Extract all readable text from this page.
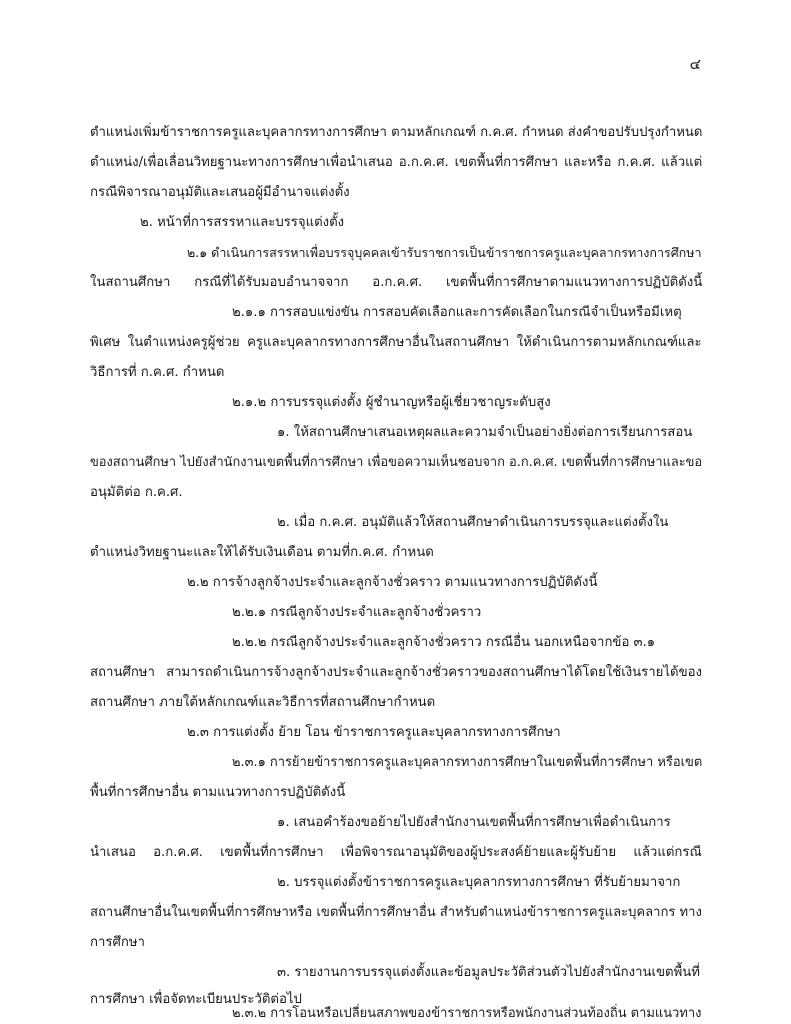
๔
ตำแหน่งเพิ่มข้าราชการครูและบุคลากรทางการศึกษา ตามหลักเกณฑ์ ก.ค.ศ. กำหนด ส่งคำขอปรับปรุงกำหนด
ตำแหน่ง/เพื่อเลื่อนวิทยฐานะทางการศึกษาเพื่อนำเสนอ อ.ก.ค.ศ. เขตพื้นที่การศึกษา และหรือ ก.ค.ศ. แล้วแต่
กรณีพิจารณาอนุมัติและเสนอผู้มีอำนาจแต่งตั้ง
๒. หน้าที่การสรรหาและบรรจุแต่งตั้ง
๒.๑ ดำเนินการสรรหาเพื่อบรรจุบุคคลเข้ารับราชการเป็นข้าราชการครูและบุคลากรทางการศึกษา
ในสถานศึกษา กรณีที่ได้รับมอบอำนาจจาก อ.ก.ค.ศ. เขตพื้นที่การศึกษาตามแนวทางการปฏิบัติดังนี้
๒.๑.๑ การสอบแข่งขัน การสอบคัดเลือกและการคัดเลือกในกรณีจำเป็นหรือมีเหตุ
พิเศษ ในตำแหน่งครูผู้ช่วย ครูและบุคลากรทางการศึกษาอื่นในสถานศึกษา ให้ดำเนินการตามหลักเกณฑ์และ
วิธีการที่ ก.ค.ศ. กำหนด
๒.๑.๒ การบรรจุแต่งตั้ง ผู้ชำนาญหรือผู้เชี่ยวชาญระดับสูง
๑. ให้สถานศึกษาเสนอเหตุผลและความจำเป็นอย่างยิ่งต่อการเรียนการสอน
ของสถานศึกษา ไปยังสำนักงานเขตพื้นที่การศึกษา เพื่อขอความเห็นชอบจาก อ.ก.ค.ศ. เขตพื้นที่การศึกษาและขอ
อนุมัติต่อ ก.ค.ศ.
๒. เมื่อ ก.ค.ศ. อนุมัติแล้วให้สถานศึกษาดำเนินการบรรจุและแต่งตั้งใน
ตำแหน่งวิทยฐานะและให้ได้รับเงินเดือน ตามที่ก.ค.ศ. กำหนด
๒.๒ การจ้างลูกจ้างประจำและลูกจ้างชั่วคราว ตามแนวทางการปฏิบัติดังนี้
๒.๒.๑ กรณีลูกจ้างประจำและลูกจ้างชั่วคราว
๒.๒.๒ กรณีลูกจ้างประจำและลูกจ้างชั่วคราว กรณีอื่น นอกเหนือจากข้อ ๓.๑
สถานศึกษา สามารถดำเนินการจ้างลูกจ้างประจำและลูกจ้างชั่วคราวของสถานศึกษาได้โดยใช้เงินรายได้ของ
สถานศึกษา ภายใต้หลักเกณฑ์และวิธีการที่สถานศึกษากำหนด
๒.๓ การแต่งตั้ง ย้าย โอน ข้าราชการครูและบุคลากรทางการศึกษา
๒.๓.๑ การย้ายข้าราชการครูและบุคลากรทางการศึกษาในเขตพื้นที่การศึกษา หรือเขต
พื้นที่การศึกษาอื่น ตามแนวทางการปฏิบัติดังนี้
๑. เสนอคำร้องขอย้ายไปยังสำนักงานเขตพื้นที่การศึกษาเพื่อดำเนินการ
นำเสนอ อ.ก.ค.ศ. เขตพื้นที่การศึกษา เพื่อพิจารณาอนุมัติของผู้ประสงค์ย้ายและผู้รับย้าย แล้วแต่กรณี
๒. บรรจุแต่งตั้งข้าราชการครูและบุคลากรทางการศึกษา ที่รับย้ายมาจาก
สถานศึกษาอื่นในเขตพื้นที่การศึกษาหรือ เขตพื้นที่การศึกษาอื่น สำหรับตำแหน่งข้าราชการครูและบุคลากร ทาง
การศึกษา
๓. รายงานการบรรจุแต่งตั้งและข้อมูลประวัติส่วนตัวไปยังสำนักงานเขตพื้นที่
การศึกษา เพื่อจัดทะเบียนประวัติต่อไป
๒.๓.๒ การโอนหรือเปลี่ยนสภาพของข้าราชการหรือพนักงานส่วนท้องถิ่น ตามแนวทาง
